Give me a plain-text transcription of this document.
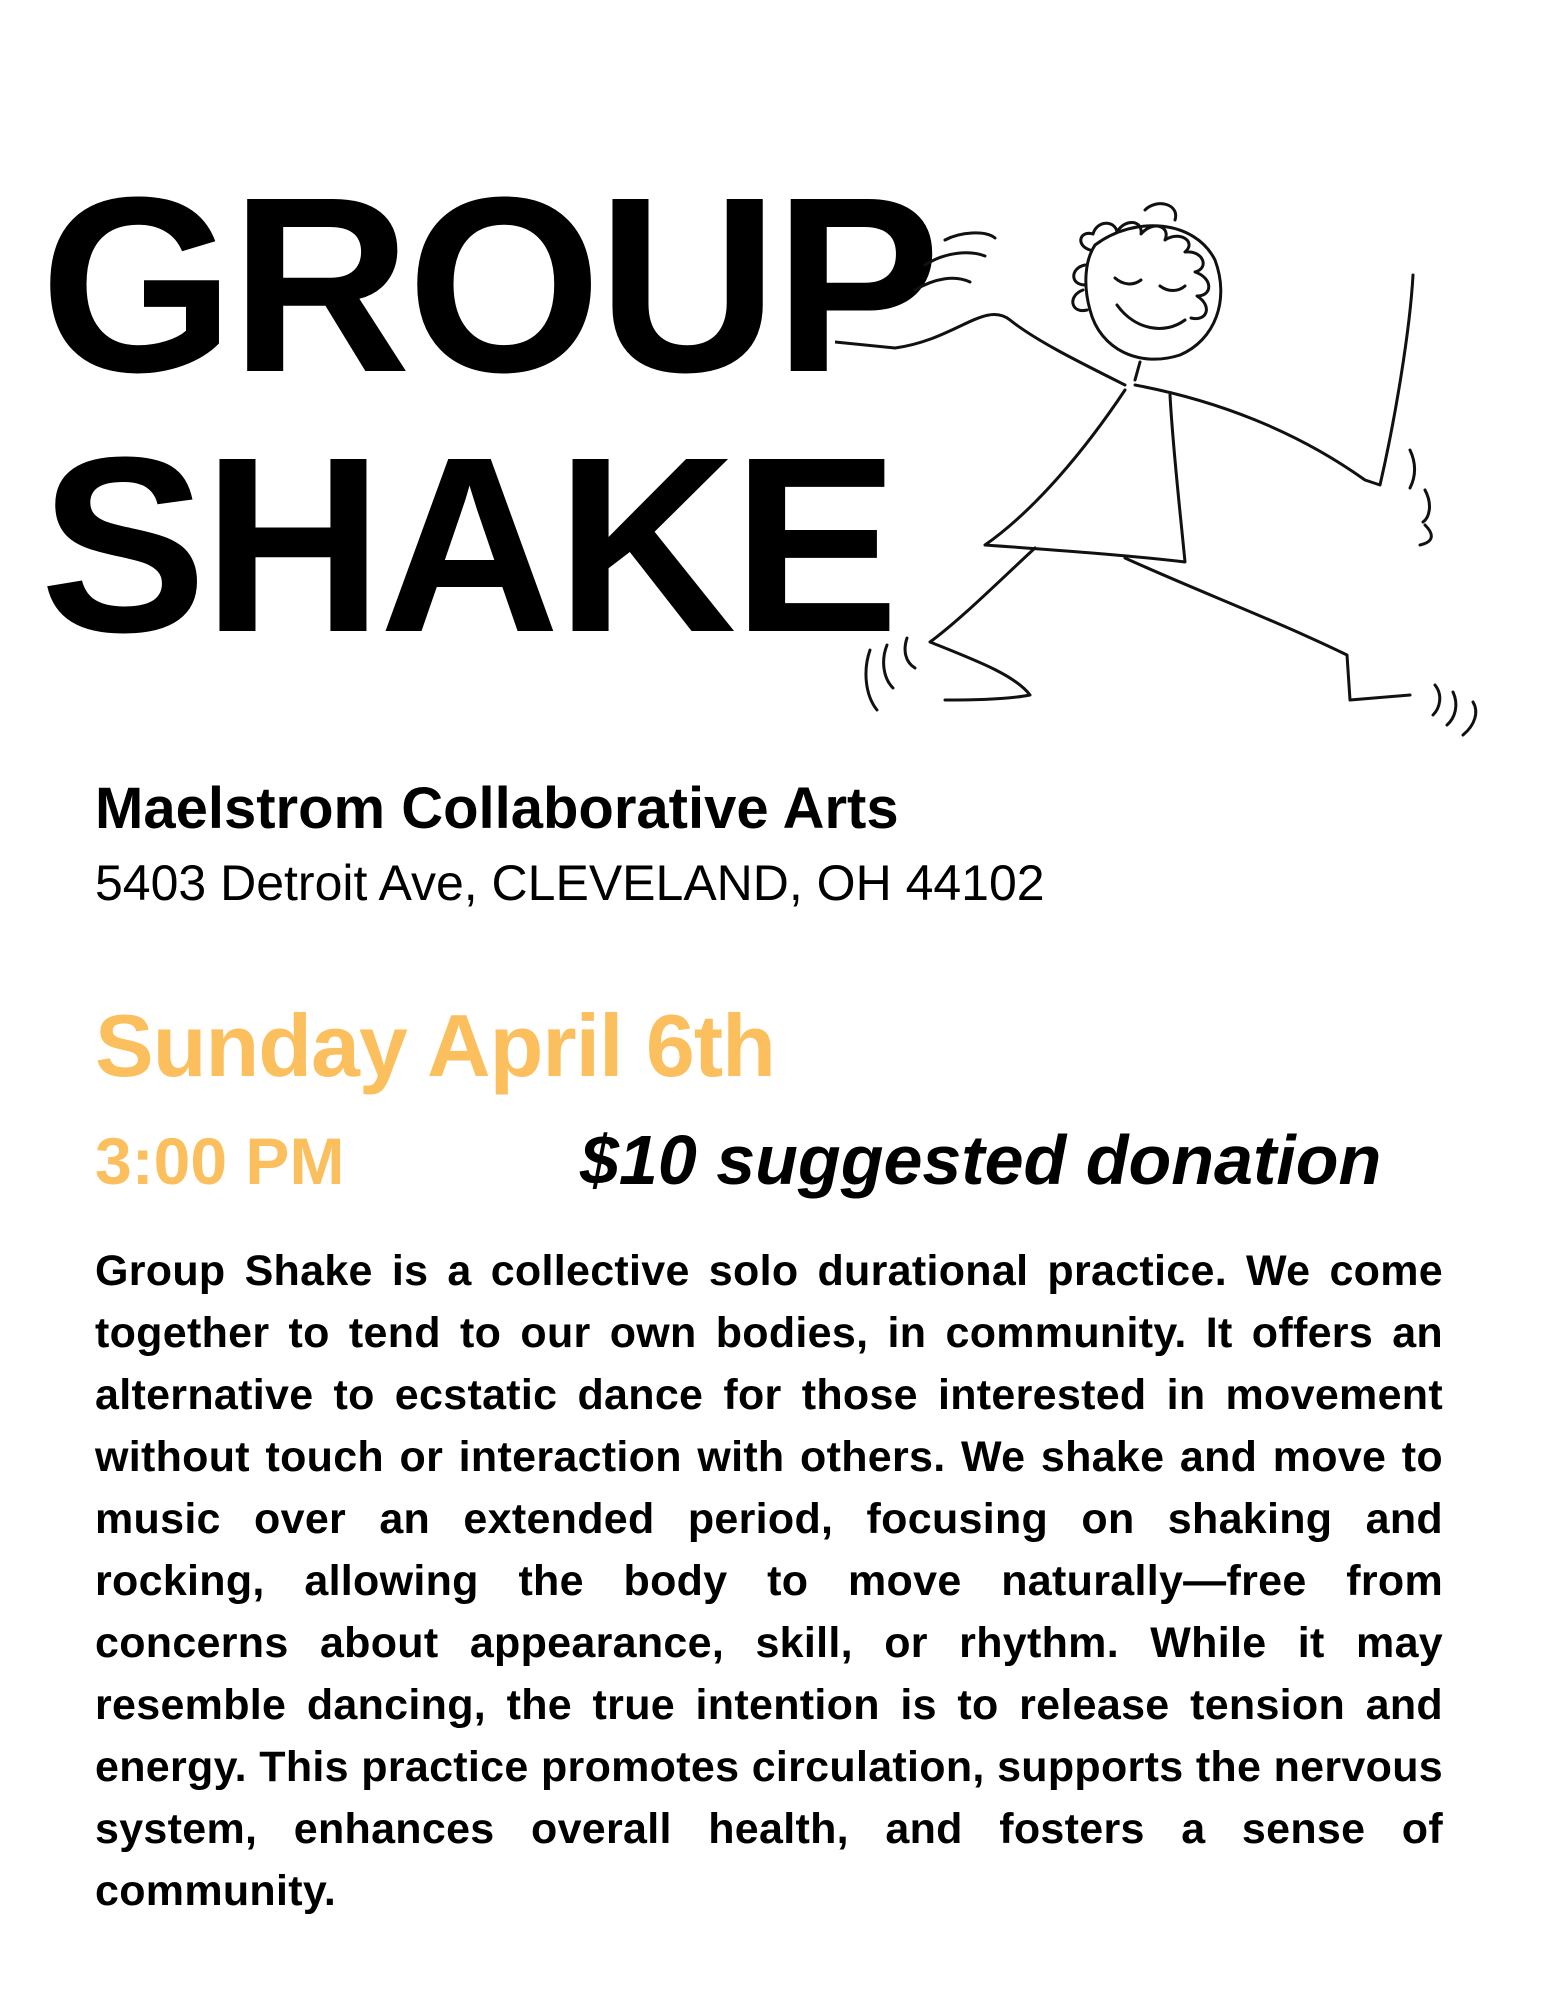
GROUP
SHAKE
Maelstrom Collaborative Arts
5403 Detroit Ave, CLEVELAND, OH 44102
Sunday April 6th
3:00 PM	$10 suggested donation
Group Shake is a collective solo durational practice. We come together to tend to our own bodies, in community. It offers an alternative to ecstatic dance for those interested in movement without touch or interaction with others. We shake and move to music over an extended period, focusing on shaking and rocking, allowing the body to move naturally—free from concerns about appearance, skill, or rhythm. While it may resemble dancing, the true intention is to release tension and energy. This practice promotes circulation, supports the nervous system, enhances overall health, and fosters a sense of community.
